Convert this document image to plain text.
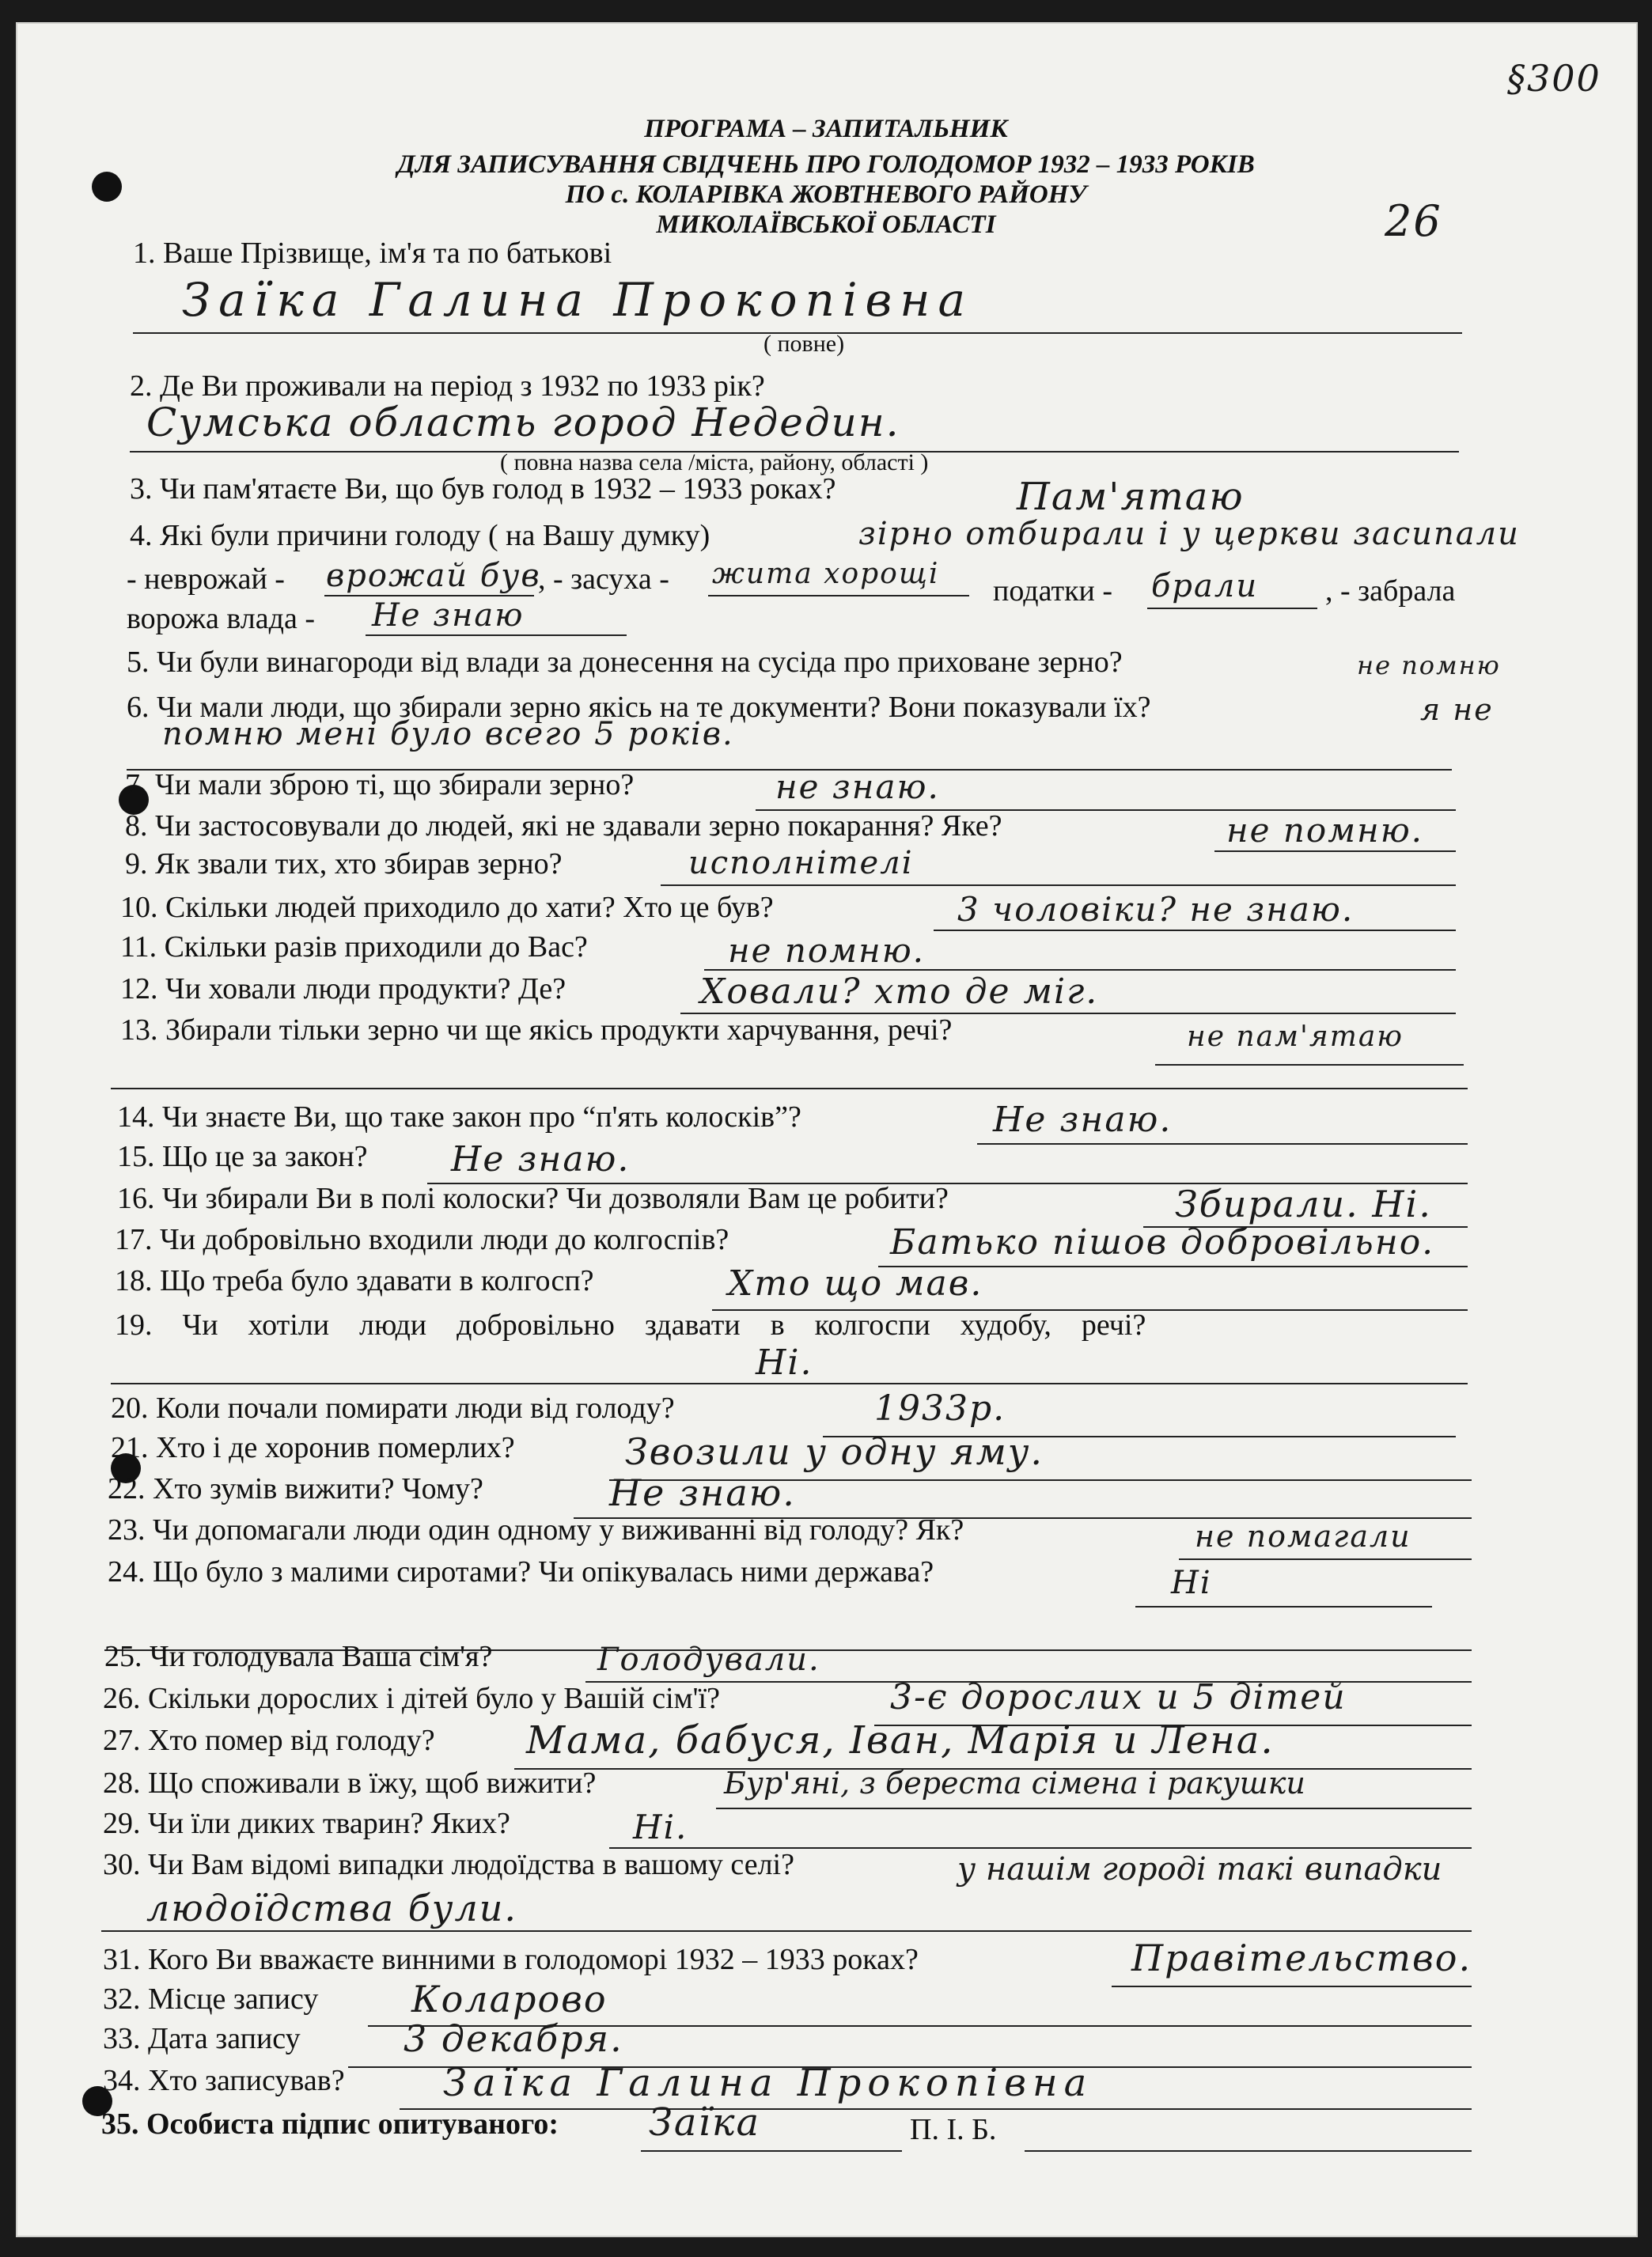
§300
26
ПРОГРАМА – ЗАПИТАЛЬНИК
ДЛЯ ЗАПИСУВАННЯ СВІДЧЕНЬ ПРО ГОЛОДОМОР 1932 – 1933 РОКІВ
ПО с. КОЛАРІВКА ЖОВТНЕВОГО РАЙОНУ
МИКОЛАЇВСЬКОЇ ОБЛАСТІ
1. Ваше Прізвище, ім'я та по батькові
Заїка Галина Прокопівна
( повне)
2. Де Ви проживали на період з 1932 по 1933 рік?
Сумська область город Недедин.
( повна назва села /міста, району, області )
3. Чи пам'ятаєте Ви, що був голод в 1932 – 1933 роках?	Пам'ятаю
4. Які були причини голоду ( на Вашу думку)	зірно отбирали і у церкви засипали
- неврожай - врожай був
, - засуха - жита хорощі
податки - брали , - забрала
ворожа влада - Не знаю
5. Чи були винагороди від влади за донесення на сусіда про приховане зерно?	не помню
6. Чи мали люди, що збирали зерно якісь на те документи? Вони показували їх?	я не
помню мені було всего 5 років.
7. Чи мали зброю ті, що збирали зерно?	не знаю.
8. Чи застосовували до людей, які не здавали зерно покарання? Яке?	не помню.
9. Як звали тих, хто збирав зерно?	исполнітелі
10. Скільки людей приходило до хати? Хто це був?	3 чоловіки? не знаю.
11. Скільки разів приходили до Вас?	не помню.
12. Чи ховали люди продукти? Де?	Ховали? хто де міг.
13. Збирали тільки зерно чи ще якісь продукти харчування, речі?	не пам'ятаю
14. Чи знаєте Ви, що таке закон про “п'ять колосків”?	Не знаю.
15. Що це за закон? Не знаю.
16. Чи збирали Ви в полі колоски? Чи дозволяли Вам це робити?	Збирали. Ні.
17. Чи добровільно входили люди до колгоспів?	Батько пішов добровільно.
18. Що треба було здавати в колгосп?	Хто що мав.
19.    Чи    хотіли    люди    добровільно    здавати    в    колгоспи    худобу,    речі?
Ні.
20. Коли почали помирати люди від голоду?	1933р.
21. Хто і де хоронив померлих?	Звозили у одну яму.
22. Хто зумів вижити? Чому?	Не знаю.
23. Чи допомагали люди один одному у виживанні від голоду? Як?	не помагали
24. Що було з малими сиротами? Чи опікувалась ними держава?	Ні
25. Чи голодувала Ваша сім'я?	Голодували.
26. Скільки дорослих і дітей було у Вашій сім'ї?	3-є дорослих и 5 дітей
27. Хто помер від голоду? Мама, бабуся, Іван, Марія и Лена.
28. Що споживали в їжу, щоб вижити?	Бур'яні, з береста сімена і ракушки
29. Чи їли диких тварин? Яких?	Ні.
30. Чи Вам відомі випадки людоїдства в вашому селі?	у нашім городі такі випадки
людоїдства були.
31. Кого Ви вважаєте винними в голодоморі 1932 – 1933 роках?	Правітельство.
32. Місце запису	Коларово
33. Дата запису	3 декабря.
34. Хто записував?	Заїка Галина Прокопівна
35. Особиста підпис опитуваного: Заїка	П. І. Б.
